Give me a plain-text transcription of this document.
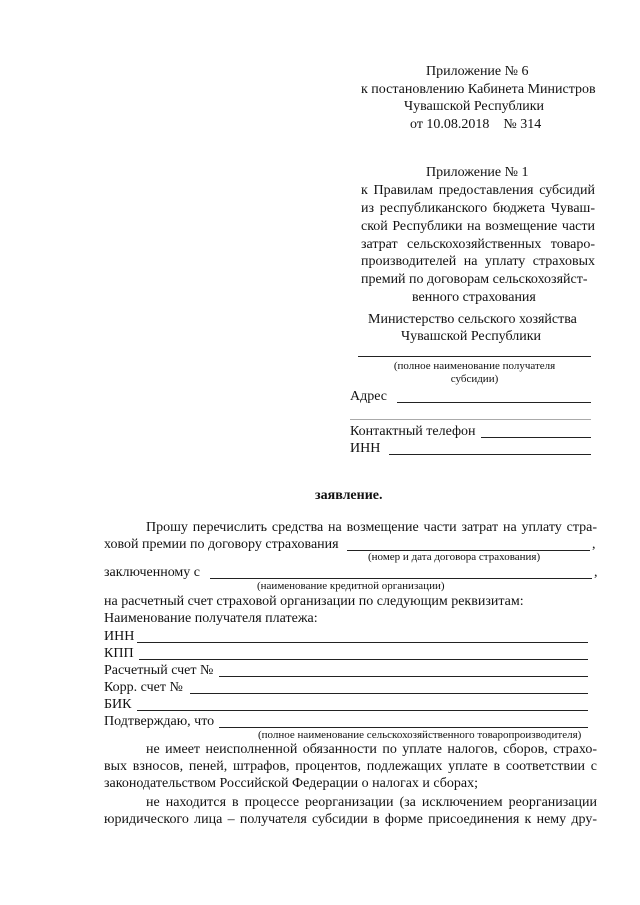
Приложение № 6
к постановлению Кабинета Министров
Чувашской Республики
от 10.08.2018    № 314
Приложение № 1
к Правилам предоставления субсидий
из республиканского бюджета Чуваш-
ской Республики на возмещение части
затрат сельскохозяйственных товаро-
производителей на уплату страховых
премий по договорам сельскохозяйст-
венного страхования
Министерство сельского хозяйства
Чувашской Республики
(полное наименование получателя
субсидии)
Адрес
Контактный телефон
ИНН
заявление.
Прошу перечислить средства на возмещение части затрат на уплату стра-
ховой премии по договору страхования	,
(номер и дата договора страхования)
заключенному с	,
(наименование кредитной организации)
на расчетный счет страховой организации по следующим реквизитам:
Наименование получателя платежа:
ИНН
КПП
Расчетный счет №
Корр. счет №
БИК
Подтверждаю, что
(полное наименование сельскохозяйственного товаропроизводителя)
не имеет неисполненной обязанности по уплате налогов, сборов, страхо-
вых взносов, пеней, штрафов, процентов, подлежащих уплате в соответствии с
законодательством Российской Федерации о налогах и сборах;
не находится в процессе реорганизации (за исключением реорганизации
юридического лица – получателя субсидии в форме присоединения к нему дру-
